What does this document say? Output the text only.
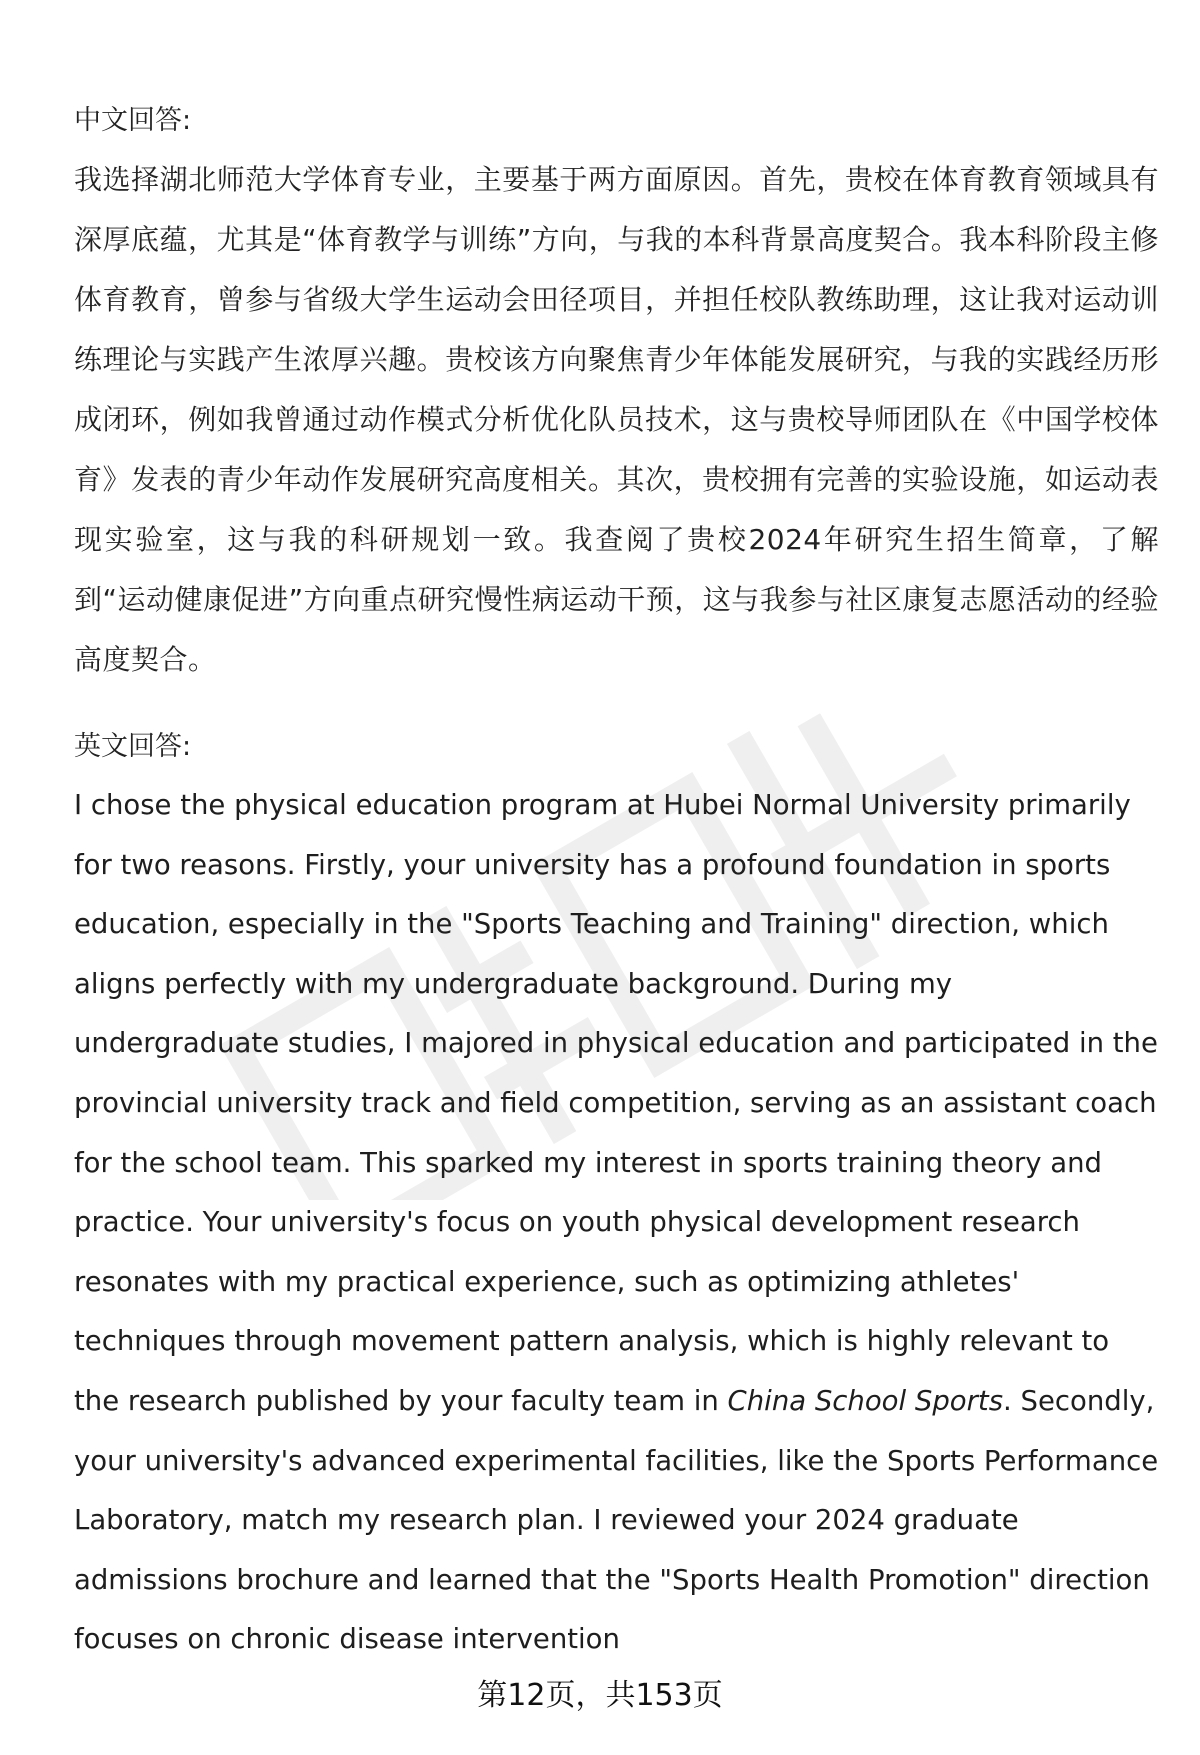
中文回答:

我选择湖北师范大学体育专业，主要基于两方面原因。首先，贵校在体育教育领域具有深厚底蕴，尤其是“体育教学与训练”方向，与我的本科背景高度契合。我本科阶段主修体育教育，曾参与省级大学生运动会田径项目，并担任校队教练助理，这让我对运动训练理论与实践产生浓厚兴趣。贵校该方向聚焦青少年体能发展研究，与我的实践经历形成闭环，例如我曾通过动作模式分析优化队员技术，这与贵校导师团队在《中国学校体育》发表的青少年动作发展研究高度相关。其次，贵校拥有完善的实验设施，如运动表现实验室，这与我的科研规划一致。我查阅了贵校2024年研究生招生简章，了解到“运动健康促进”方向重点研究慢性病运动干预，这与我参与社区康复志愿活动的经验高度契合。

英文回答:

I chose the physical education program at Hubei Normal University primarily for two reasons. Firstly, your university has a profound foundation in sports education, especially in the "Sports Teaching and Training" direction, which aligns perfectly with my undergraduate background. During my undergraduate studies, I majored in physical education and participated in the provincial university track and field competition, serving as an assistant coach for the school team. This sparked my interest in sports training theory and practice. Your university's focus on youth physical development research resonates with my practical experience, such as optimizing athletes' techniques through movement pattern analysis, which is highly relevant to the research published by your faculty team in China School Sports. Secondly, your university's advanced experimental facilities, like the Sports Performance Laboratory, match my research plan. I reviewed your 2024 graduate admissions brochure and learned that the "Sports Health Promotion" direction focuses on chronic disease intervention

第12页，共153页
